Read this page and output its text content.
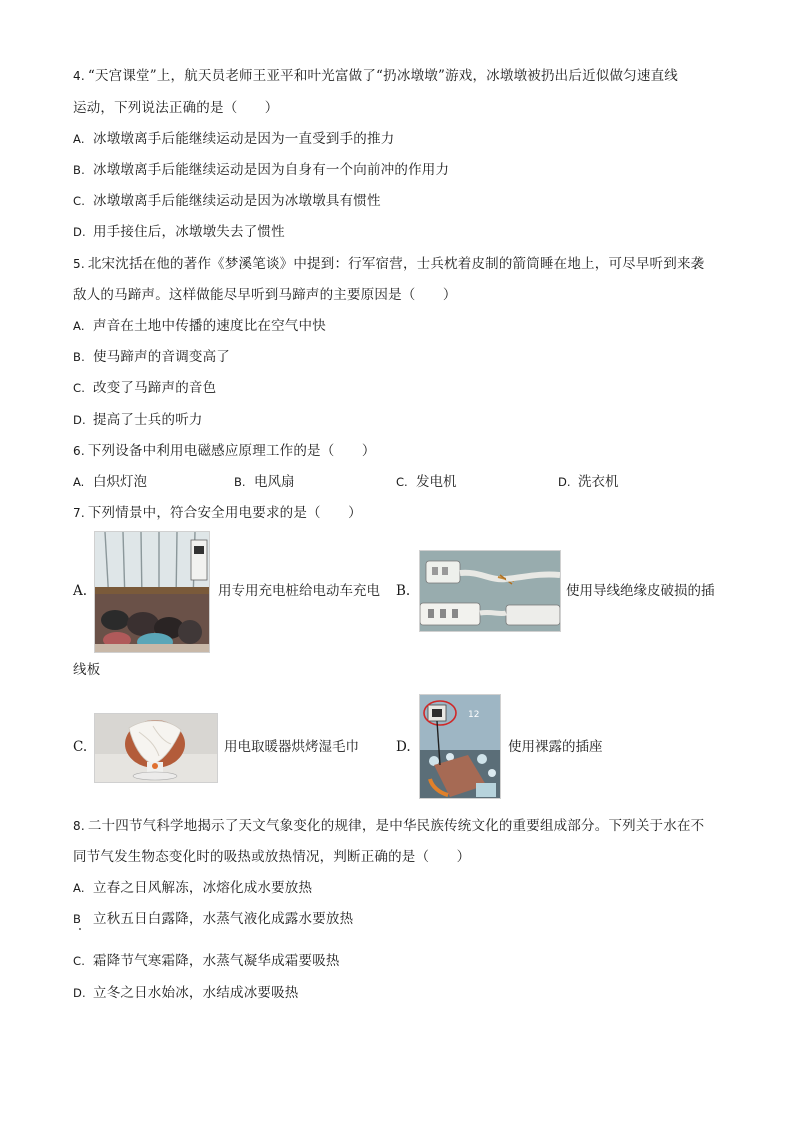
4. “天宫课堂”上，航天员老师王亚平和叶光富做了“扔冰墩墩”游戏，冰墩墩被扔出后近似做匀速直线
运动，下列说法正确的是（　　）
A. 冰墩墩离手后能继续运动是因为一直受到手的推力
B. 冰墩墩离手后能继续运动是因为自身有一个向前冲的作用力
C. 冰墩墩离手后能继续运动是因为冰墩墩具有惯性
D. 用手接住后，冰墩墩失去了惯性
5. 北宋沈括在他的著作《梦溪笔谈》中提到：行军宿营，士兵枕着皮制的箭筒睡在地上，可尽早听到来袭
敌人的马蹄声。这样做能尽早听到马蹄声的主要原因是（　　）
A. 声音在土地中传播的速度比在空气中快
B. 使马蹄声的音调变高了
C. 改变了马蹄声的音色
D. 提高了士兵的听力
6. 下列设备中利用电磁感应原理工作的是（　　）
A. 白炽灯泡	B. 电风扇	C. 发电机	D. 洗衣机
7. 下列情景中，符合安全用电要求的是（　　）
A.	用专用充电桩给电动车充电 B.	使用导线绝缘皮破损的插
线板
C.	用电取暖器烘烤湿毛巾	D.
12
使用裸露的插座
8. 二十四节气科学地揭示了天文气象变化的规律，是中华民族传统文化的重要组成部分。下列关于水在不
同节气发生物态变化时的吸热或放热情况，判断正确的是（　　）
A. 立春之日风解冻，冰熔化成水要放热
B 立秋五日白露降，水蒸气液化成露水要放热
C. 霜降节气寒霜降，水蒸气凝华成霜要吸热
D. 立冬之日水始冰，水结成冰要吸热
